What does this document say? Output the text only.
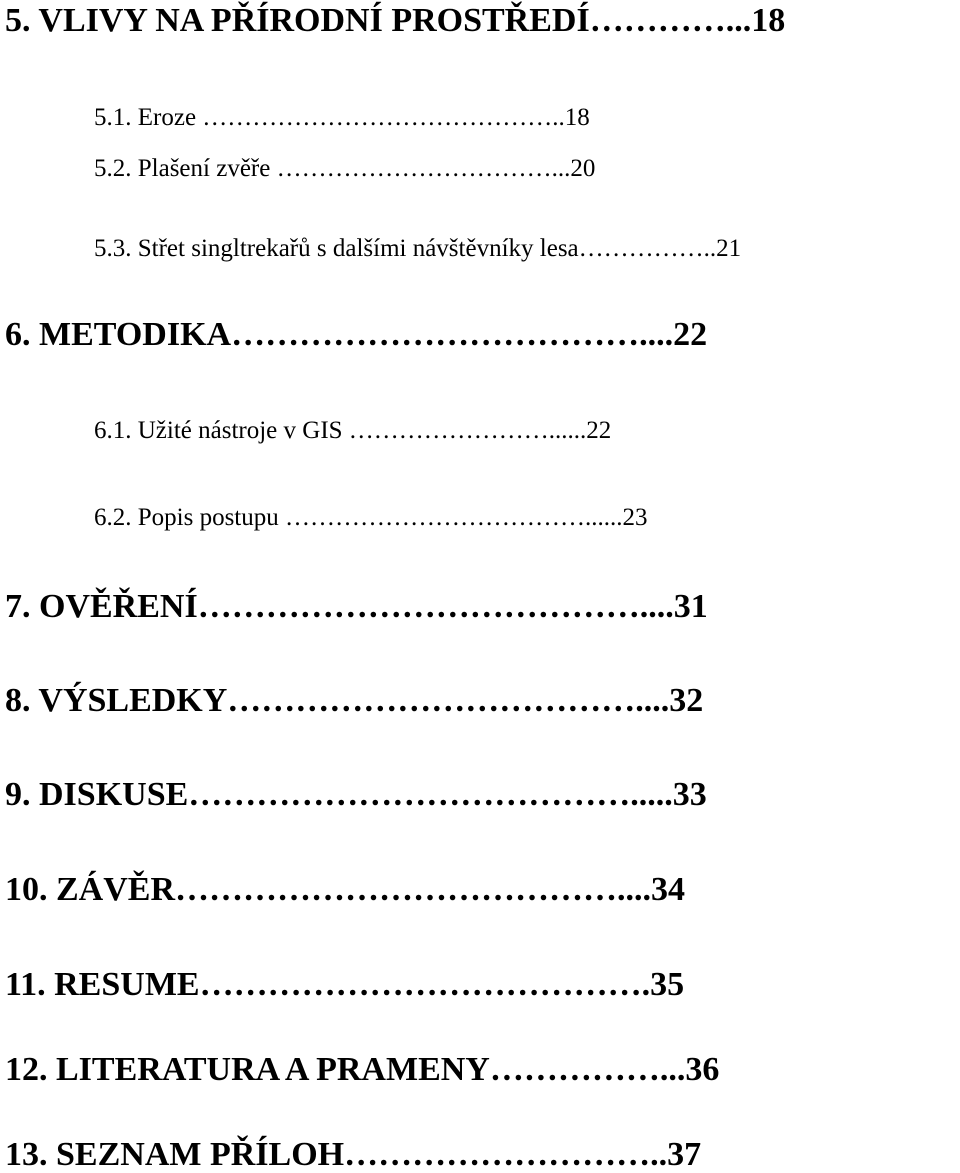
5. VLIVY NA PŘÍRODNÍ PROSTŘEDÍ…………...18
5.1. Eroze ……………………………………..18
5.2. Plašení zvěře ……………………………...20
5.3. Střet singltrekařů s dalšími návštěvníky lesa……………..21
6. METODIKA………………………………....22
6.1. Užité nástroje v GIS ……………………......22
6.2. Popis postupu ………………………………......23
7. OVĚŘENÍ…………………………………....31
8. VÝSLEDKY………………………………....32
9. DISKUSE………………………………….....33
10. ZÁVĚR…………………………………....34
11. RESUME………………………………….35
12. LITERATURA A PRAMENY……………...36
13. SEZNAM PŘÍLOH………………………..37
